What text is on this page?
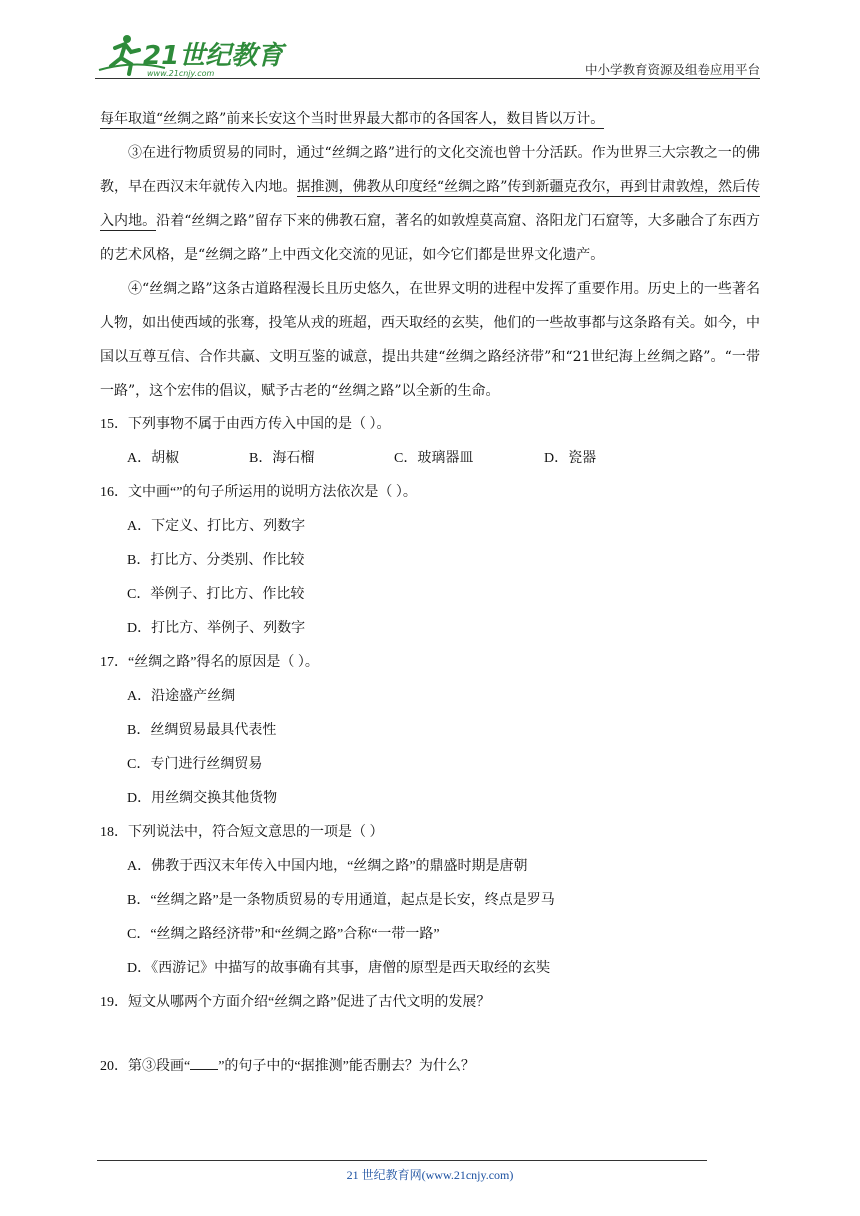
21世纪教育
www.21cnjy.com	中小学教育资源及组卷应用平台

每年取道“丝绸之路”前来长安这个当时世界最大都市的各国客人，数目皆以万计。

③在进行物质贸易的同时，通过“丝绸之路”进行的文化交流也曾十分活跃。作为世界三大宗教之一的佛教，早在西汉末年就传入内地。据推测，佛教从印度经“丝绸之路”传到新疆克孜尔，再到甘肃敦煌，然后传入内地。沿着“丝绸之路”留存下来的佛教石窟，著名的如敦煌莫高窟、洛阳龙门石窟等，大多融合了东西方的艺术风格，是“丝绸之路”上中西文化交流的见证，如今它们都是世界文化遗产。

④“丝绸之路”这条古道路程漫长且历史悠久，在世界文明的进程中发挥了重要作用。历史上的一些著名人物，如出使西域的张骞，投笔从戎的班超，西天取经的玄奘，他们的一些故事都与这条路有关。如今，中国以互尊互信、合作共赢、文明互鉴的诚意，提出共建“丝绸之路经济带”和“21世纪海上丝绸之路”。“一带一路”，这个宏伟的倡议，赋予古老的“丝绸之路”以全新的生命。

15．下列事物不属于由西方传入中国的是（ ）。

A．胡椒	B．海石榴	C．玻璃器皿	D．瓷器

16．文中画“”的句子所运用的说明方法依次是（ ）。

A．下定义、打比方、列数字

B．打比方、分类别、作比较

C．举例子、打比方、作比较

D．打比方、举例子、列数字

17．“丝绸之路”得名的原因是（ ）。

A．沿途盛产丝绸

B．丝绸贸易最具代表性

C．专门进行丝绸贸易

D．用丝绸交换其他货物

18．下列说法中，符合短文意思的一项是（ ）

A．佛教于西汉末年传入中国内地，“丝绸之路”的鼎盛时期是唐朝

B．“丝绸之路”是一条物质贸易的专用通道，起点是长安，终点是罗马

C．“丝绸之路经济带”和“丝绸之路”合称“一带一路”

D．《西游记》中描写的故事确有其事，唐僧的原型是西天取经的玄奘

19．短文从哪两个方面介绍“丝绸之路”促进了古代文明的发展？

20．第③段画“ ”的句子中的“据推测”能否删去？为什么？

21 世纪教育网(www.21cnjy.com)
